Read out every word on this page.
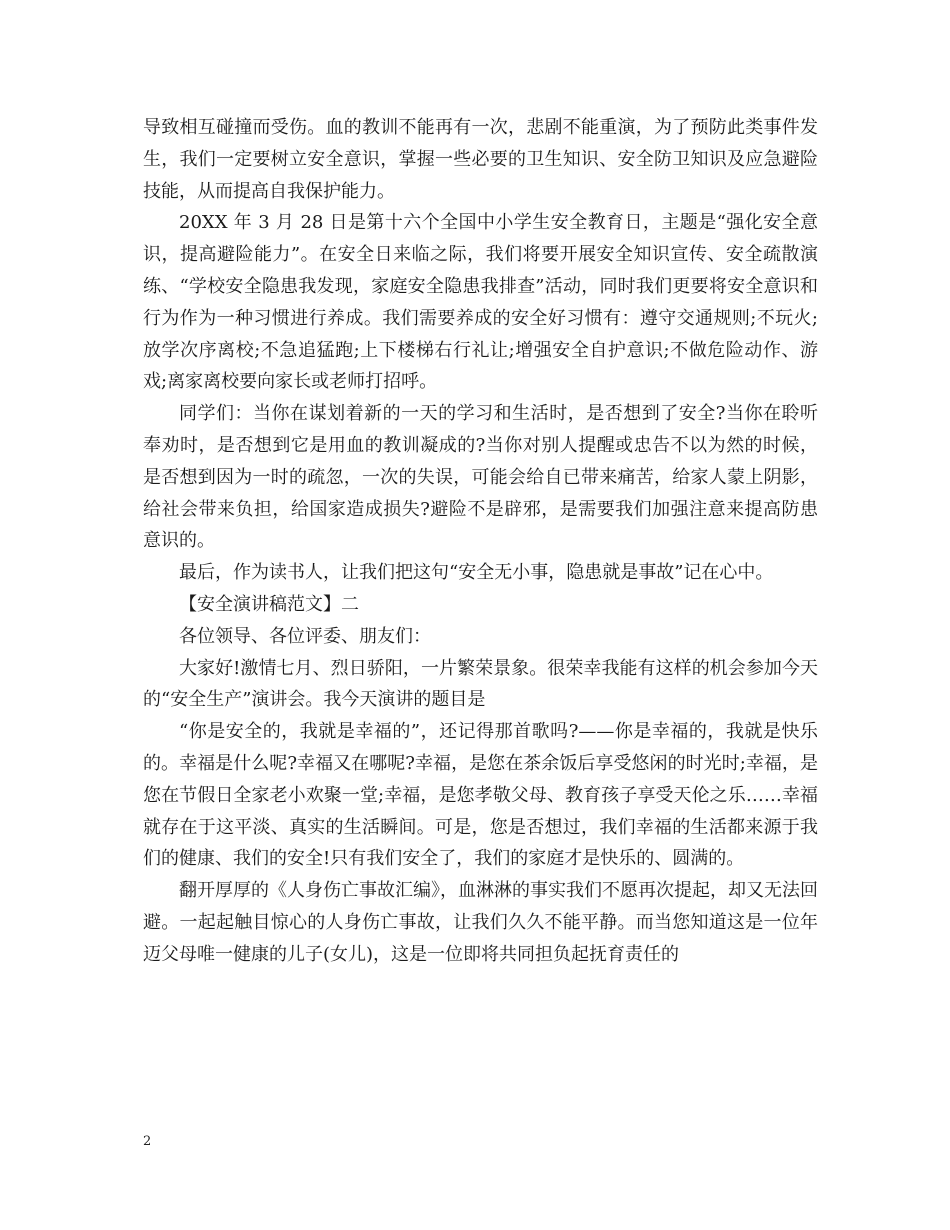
导致相互碰撞而受伤。血的教训不能再有一次，悲剧不能重演，为了预防此类事件发生，我们一定要树立安全意识，掌握一些必要的卫生知识、安全防卫知识及应急避险技能，从而提高自我保护能力。

20XX 年 3 月 28 日是第十六个全国中小学生安全教育日，主题是“强化安全意识，提高避险能力”。在安全日来临之际，我们将要开展安全知识宣传、安全疏散演练、“学校安全隐患我发现，家庭安全隐患我排查”活动，同时我们更要将安全意识和行为作为一种习惯进行养成。我们需要养成的安全好习惯有：遵守交通规则;不玩火;放学次序离校;不急追猛跑;上下楼梯右行礼让;增强安全自护意识;不做危险动作、游戏;离家离校要向家长或老师打招呼。

同学们：当你在谋划着新的一天的学习和生活时，是否想到了安全?当你在聆听奉劝时，是否想到它是用血的教训凝成的?当你对别人提醒或忠告不以为然的时候，是否想到因为一时的疏忽，一次的失误，可能会给自已带来痛苦，给家人蒙上阴影，给社会带来负担，给国家造成损失?避险不是辟邪，是需要我们加强注意来提高防患意识的。

最后，作为读书人，让我们把这句“安全无小事，隐患就是事故”记在心中。

【安全演讲稿范文】二

各位领导、各位评委、朋友们：

大家好!激情七月、烈日骄阳，一片繁荣景象。很荣幸我能有这样的机会参加今天的“安全生产”演讲会。我今天演讲的题目是

“你是安全的，我就是幸福的”，还记得那首歌吗?——你是幸福的，我就是快乐的。幸福是什么呢?幸福又在哪呢?幸福，是您在茶余饭后享受悠闲的时光时;幸福，是您在节假日全家老小欢聚一堂;幸福，是您孝敬父母、教育孩子享受天伦之乐……幸福就存在于这平淡、真实的生活瞬间。可是，您是否想过，我们幸福的生活都来源于我们的健康、我们的安全!只有我们安全了，我们的家庭才是快乐的、圆满的。

翻开厚厚的《人身伤亡事故汇编》，血淋淋的事实我们不愿再次提起，却又无法回避。一起起触目惊心的人身伤亡事故，让我们久久不能平静。而当您知道这是一位年迈父母唯一健康的儿子(女儿)，这是一位即将共同担负起抚育责任的

2
